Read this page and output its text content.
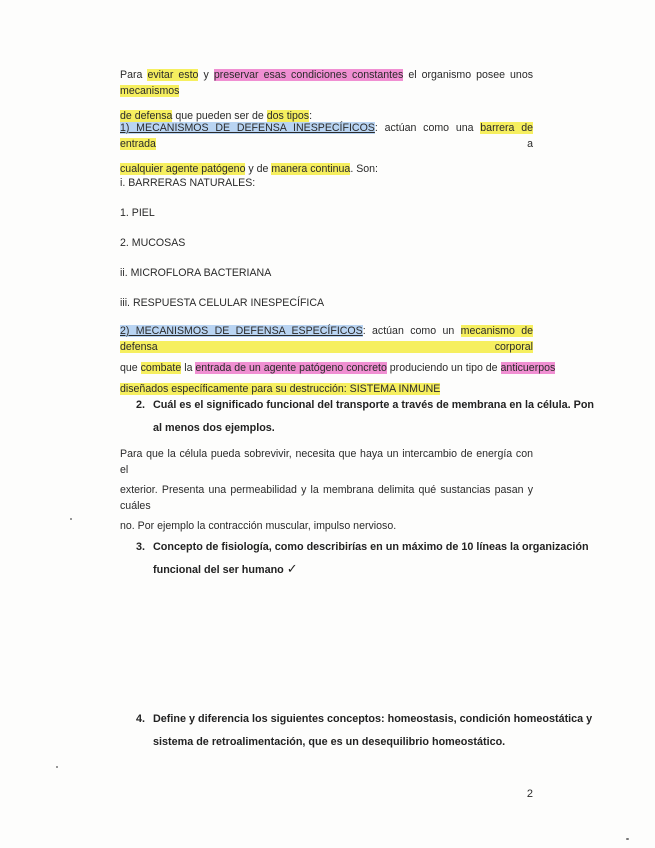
Para evitar esto y preservar esas condiciones constantes el organismo posee unos mecanismos

de defensa que pueden ser de dos tipos:

1) MECANISMOS DE DEFENSA INESPECÍFICOS: actúan como una barrera de entrada a

cualquier agente patógeno y de manera continua. Son:

i. BARRERAS NATURALES:

1. PIEL

2. MUCOSAS

ii. MICROFLORA BACTERIANA

iii. RESPUESTA CELULAR INESPECÍFICA

2) MECANISMOS DE DEFENSA ESPECÍFICOS: actúan como un mecanismo de defensa corporal

que combate la entrada de un agente patógeno concreto produciendo un tipo de anticuerpos

diseñados específicamente para su destrucción: SISTEMA INMUNE

2. Cuál es el significado funcional del transporte a través de membrana en la célula. Pon
al menos dos ejemplos.

Para que la célula pueda sobrevivir, necesita que haya un intercambio de energía con el

exterior. Presenta una permeabilidad y la membrana delimita qué sustancias pasan y cuáles

no. Por ejemplo la contracción muscular, impulso nervioso.

3. Concepto de fisiología, como describirías en un máximo de 10 líneas la organización
funcional del ser humano ✓
4. Define y diferencia los siguientes conceptos: homeostasis, condición homeostática y
sistema de retroalimentación, que es un desequilibrio homeostático.
2
